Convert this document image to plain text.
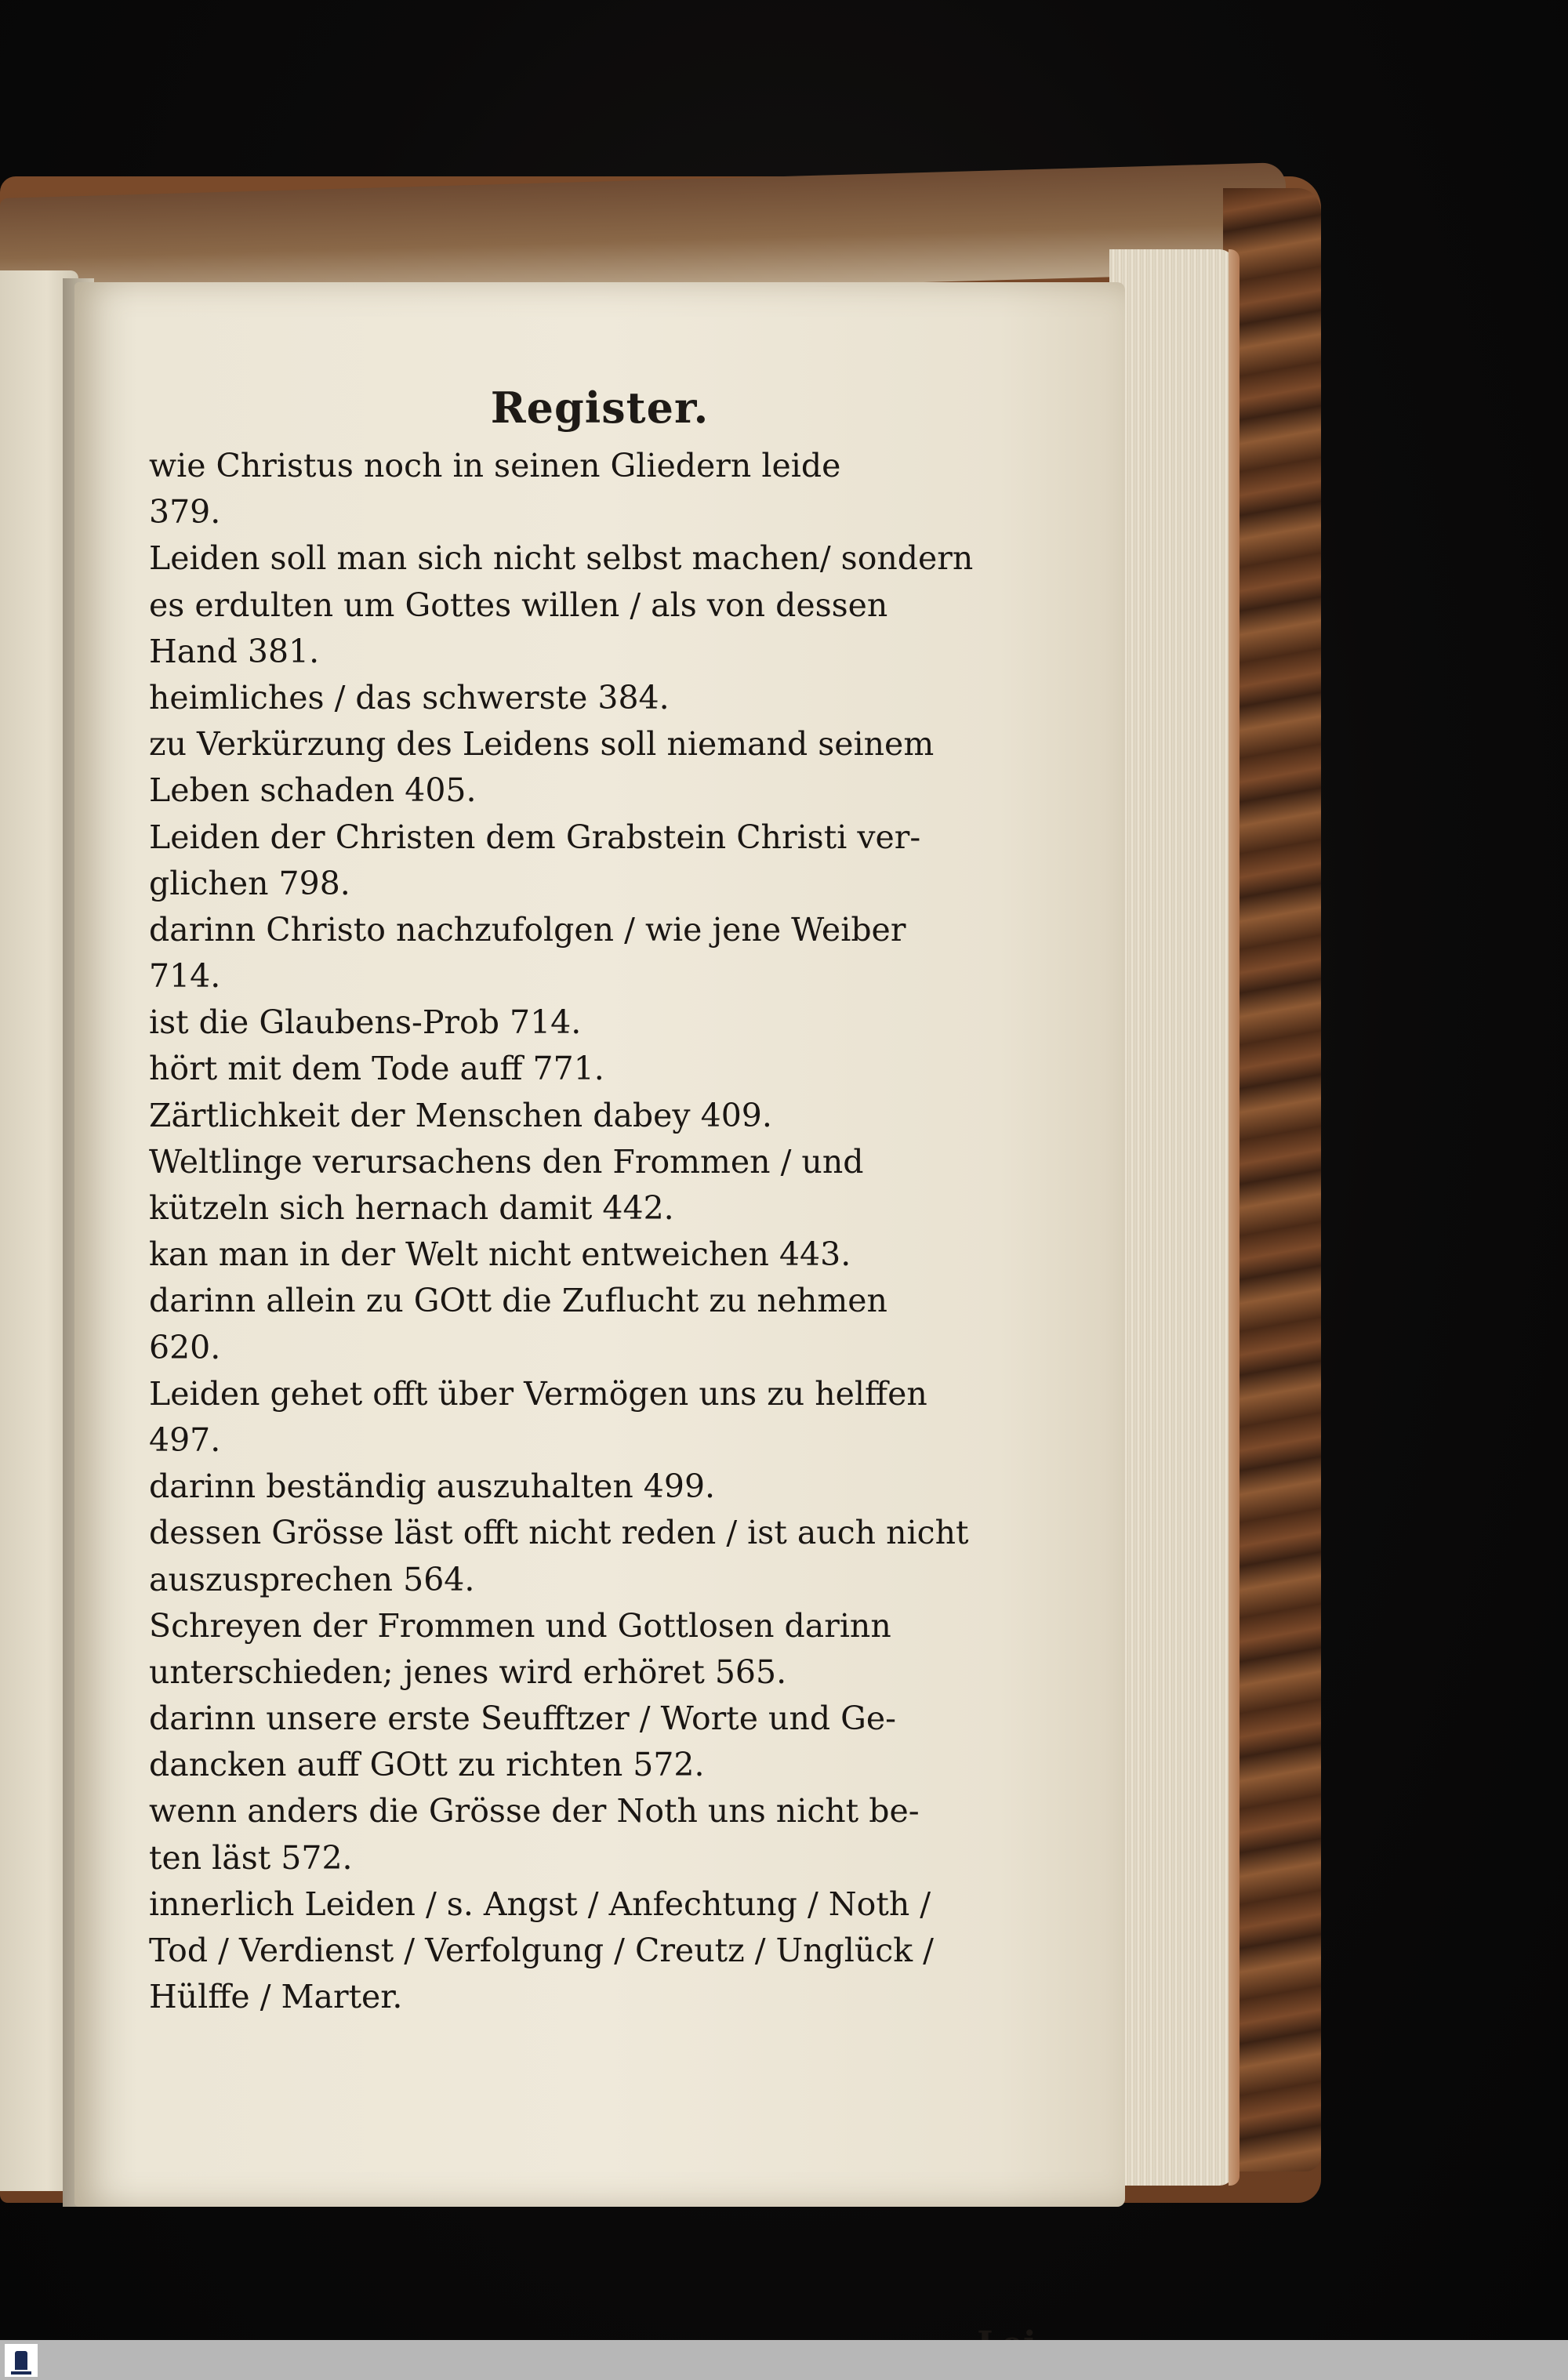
Register.
wie Christus noch in seinen Gliedern leide
379.
Leiden soll man sich nicht selbst machen/ sondern
es erdulten um Gottes willen / als von dessen
Hand 381.
heimliches / das schwerste 384.
zu Verkürzung des Leidens soll niemand seinem
Leben schaden 405.
Leiden der Christen dem Grabstein Christi ver-
glichen 798.
darinn Christo nachzufolgen / wie jene Weiber
714.
ist die Glaubens-Prob 714.
hört mit dem Tode auff 771.
Zärtlichkeit der Menschen dabey 409.
Weltlinge verursachens den Frommen / und
kützeln sich hernach damit 442.
kan man in der Welt nicht entweichen 443.
darinn allein zu GOtt die Zuflucht zu nehmen
620.
Leiden gehet offt über Vermögen uns zu helffen
497.
darinn beständig auszuhalten 499.
dessen Grösse läst offt nicht reden / ist auch nicht
auszusprechen 564.
Schreyen der Frommen und Gottlosen darinn
unterschieden; jenes wird erhöret 565.
darinn unsere erste Seufftzer / Worte und Ge-
dancken auff GOtt zu richten 572.
wenn anders die Grösse der Noth uns nicht be-
ten läst 572.
innerlich Leiden / s. Angst / Anfechtung / Noth /
Tod / Verdienst / Verfolgung / Creutz / Unglück /
Hülffe / Marter.
